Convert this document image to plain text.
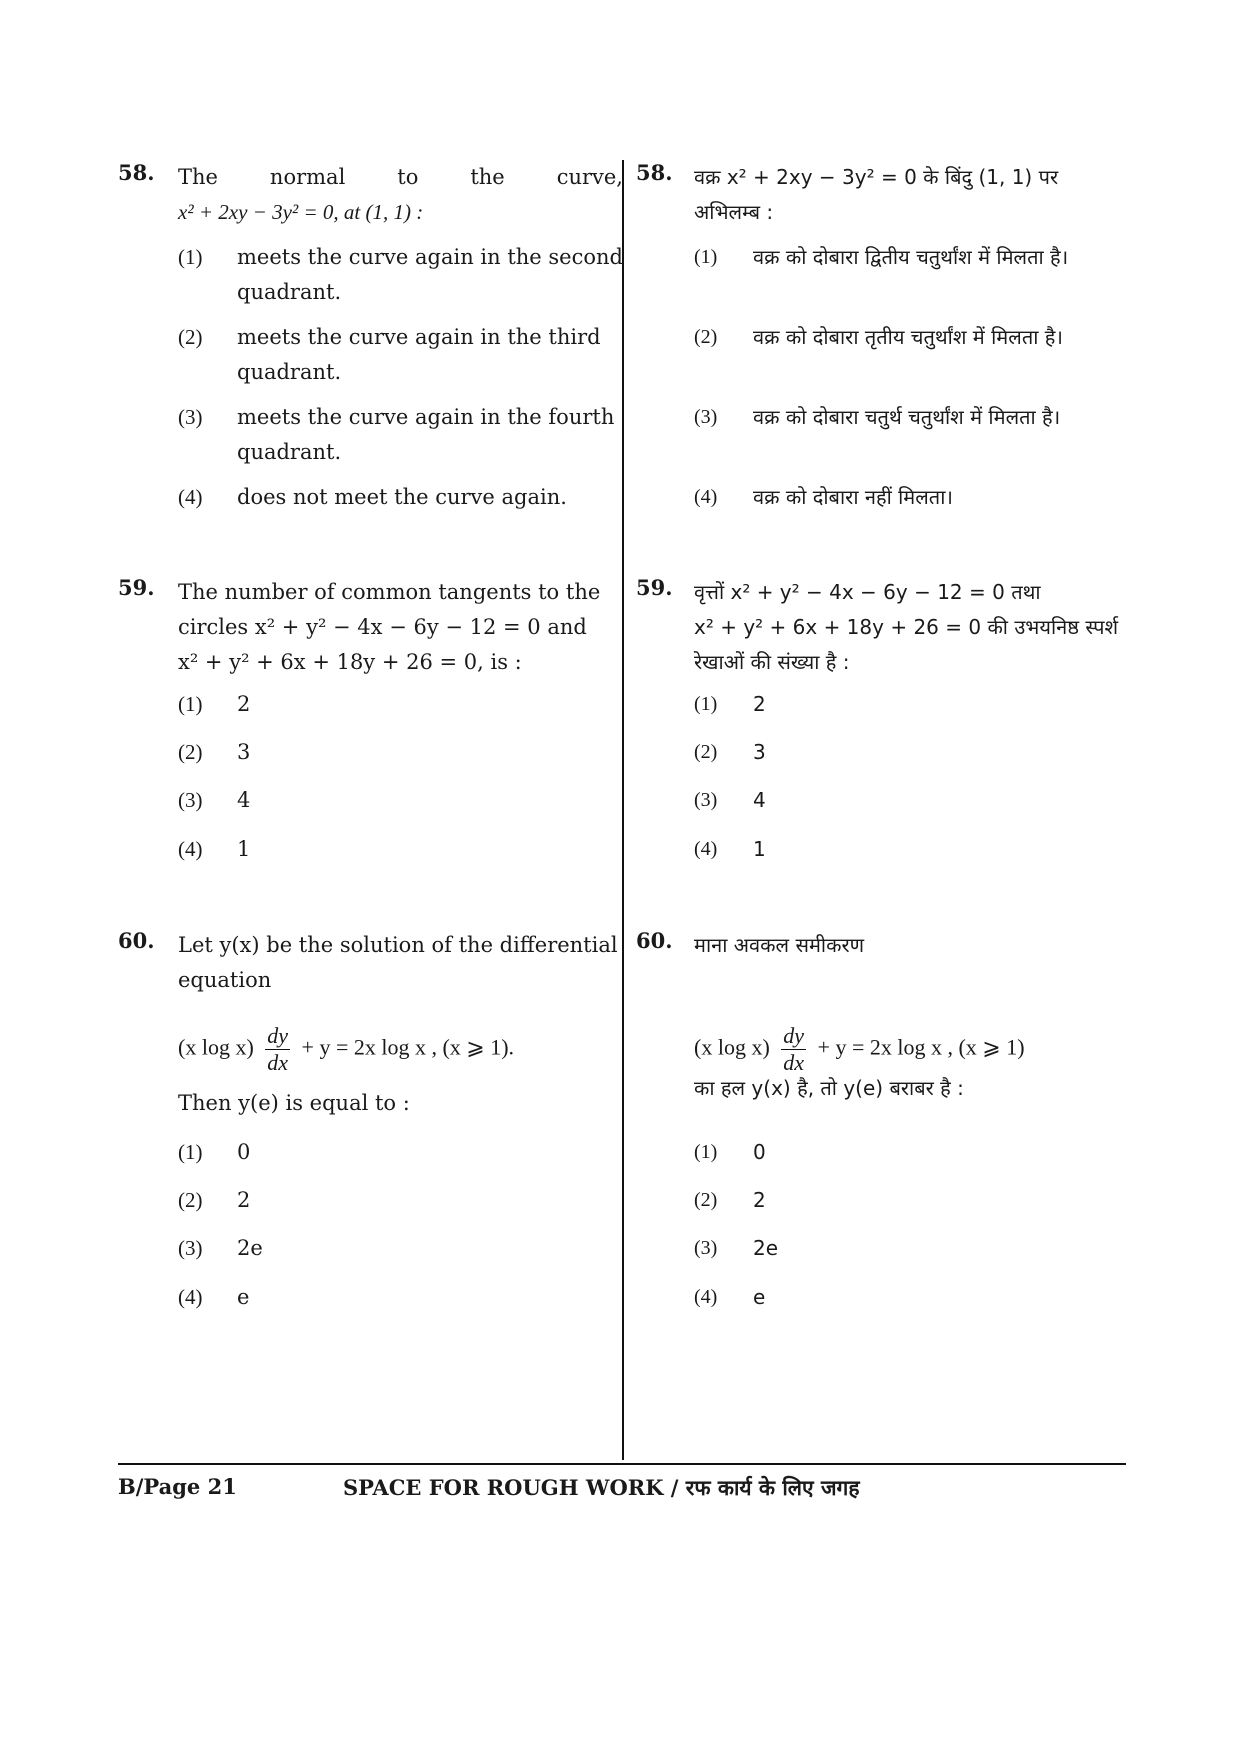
58. The normal to the curve,
x² + 2xy − 3y² = 0, at (1, 1) :
(1) meets the curve again in the second quadrant.
(2) meets the curve again in the third quadrant.
(3) meets the curve again in the fourth quadrant.
(4) does not meet the curve again.
59. The number of common tangents to the
circles x² + y² − 4x − 6y − 12 = 0 and
x² + y² + 6x + 18y + 26 = 0, is :
(1) 2
(2) 3
(3) 4
(4) 1
60. Let y(x) be the solution of the differential
equation
(x $\log x) \frac{dy}{dx} + y = 2x$ log x , (x ⩾ 1).
Then y(e) is equal to :
(1) 0
(2) 2
(3) 2e
(4) e
58. वक्र x² + 2xy − 3y² = 0 के बिंदु (1, 1) पर
अभिलम्ब :
(1) वक्र को दोबारा द्वितीय चतुर्थांश में मिलता है।
(2) वक्र को दोबारा तृतीय चतुर्थांश में मिलता है।
(3) वक्र को दोबारा चतुर्थ चतुर्थांश में मिलता है।
(4) वक्र को दोबारा नहीं मिलता।
59. वृत्तों x² + y² − 4x − 6y − 12 = 0 तथा
x² + y² + 6x + 18y + 26 = 0 की उभयनिष्ठ स्पर्श
रेखाओं की संख्या है :
(1) 2
(2) 3
(3) 4
(4) 1
60. माना अवकल समीकरण
(x $\log x) \frac{dy}{dx} + y = 2x$ log x , (x ⩾ 1)
का हल y(x) है, तो y(e) बराबर है :
(1) 0
(2) 2
(3) 2e
(4) e
B/Page 21	SPACE FOR ROUGH WORK / रफ कार्य के लिए जगह
